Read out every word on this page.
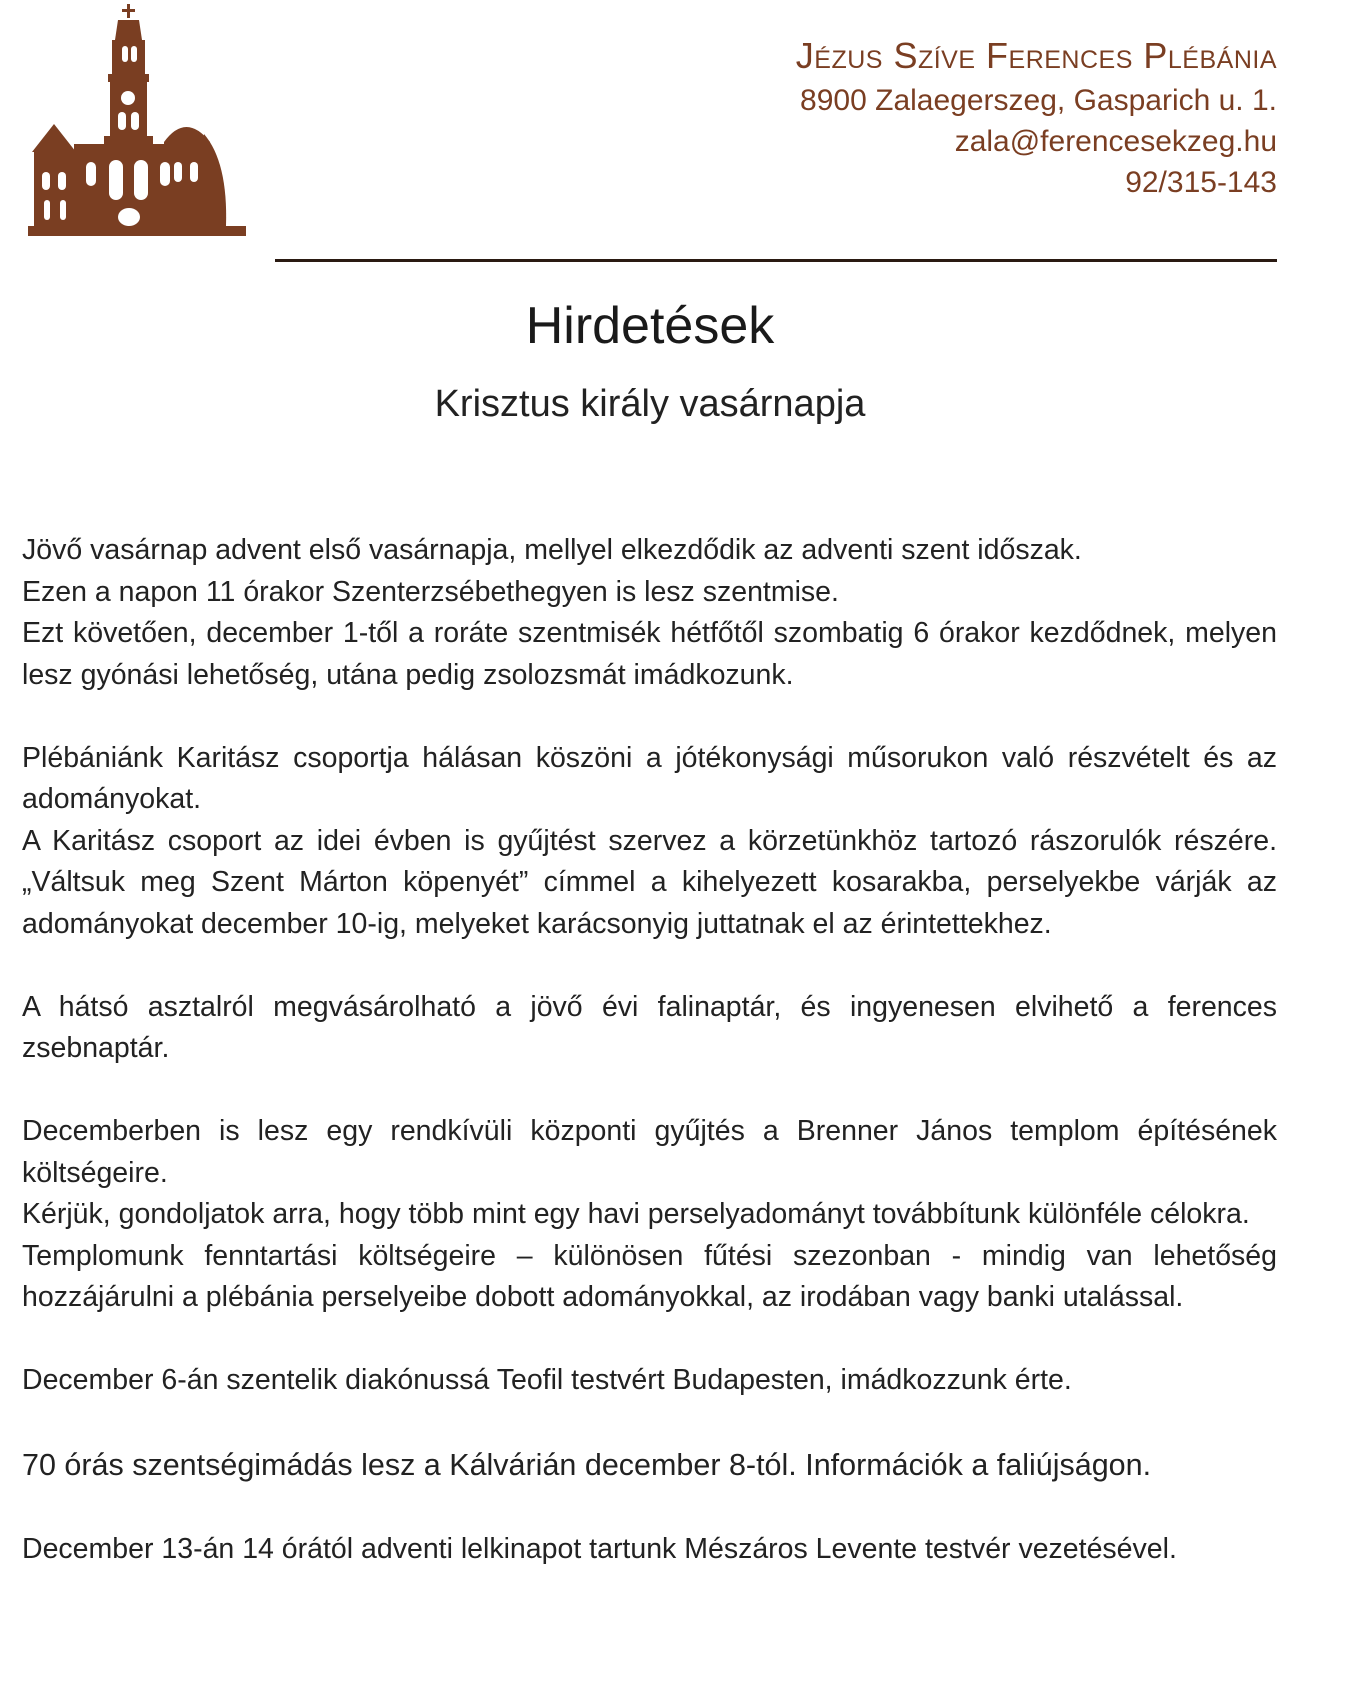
Jézus Szíve Ferences Plébánia
8900 Zalaegerszeg, Gasparich u. 1.
zala@ferencesekzeg.hu
92/315-143
Hirdetések
Krisztus király vasárnapja

Jövő vasárnap advent első vasárnapja, mellyel elkezdődik az adventi szent időszak.

Ezen a napon 11 órakor Szenterzsébethegyen is lesz szentmise.

Ezt követően, december 1-től a roráte szentmisék hétfőtől szombatig 6 órakor kezdődnek, melyen lesz gyónási lehetőség, utána pedig zsolozsmát imádkozunk.

Plébániánk Karitász csoportja hálásan köszöni a jótékonysági műsorukon való részvételt és az adományokat.

A Karitász csoport az idei évben is gyűjtést szervez a körzetünkhöz tartozó rászorulók részére. „Váltsuk meg Szent Márton köpenyét” címmel a kihelyezett kosarakba, perselyekbe várják az adományokat december 10-ig, melyeket karácsonyig juttatnak el az érintettekhez.

A hátsó asztalról megvásárolható a jövő évi falinaptár, és ingyenesen elvihető a ferences zsebnaptár.

Decemberben is lesz egy rendkívüli központi gyűjtés a Brenner János templom építésének költségeire.

Kérjük, gondoljatok arra, hogy több mint egy havi perselyadományt továbbítunk különféle célokra.

Templomunk fenntartási költségeire – különösen fűtési szezonban - mindig van lehetőség hozzájárulni a plébánia perselyeibe dobott adományokkal, az irodában vagy banki utalással.

December 6-án szentelik diakónussá Teofil testvért Budapesten, imádkozzunk érte.

70 órás szentségimádás lesz a Kálvárián december 8-tól. Információk a faliújságon.

December 13-án 14 órától adventi lelkinapot tartunk Mészáros Levente testvér vezetésével.
